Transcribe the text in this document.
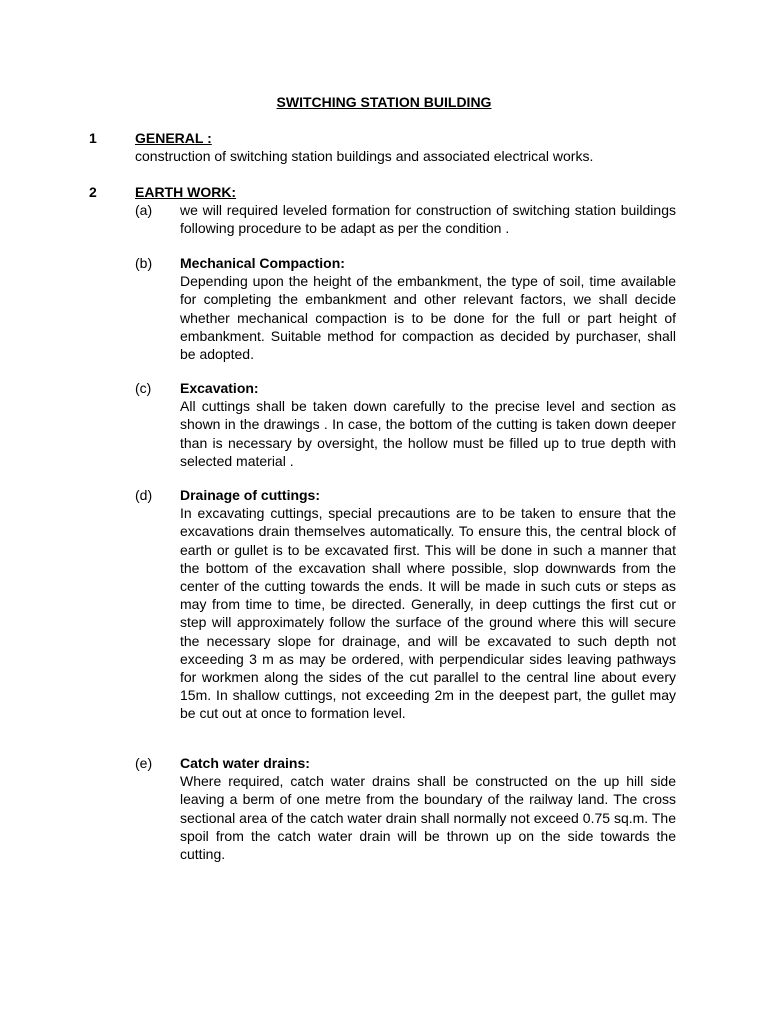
SWITCHING STATION BUILDING
1	GENERAL :
construction of switching station buildings and associated electrical works.
2	EARTH WORK:
(a) we will required leveled formation for construction of switching station buildings following procedure to be adapt as per the condition .
(b) Mechanical Compaction:
Depending upon the height of the embankment, the type of soil, time available for completing the embankment and other relevant factors, we shall decide whether mechanical compaction is to be done for the full or part height of embankment. Suitable method for compaction as decided by purchaser, shall be adopted.
(c) Excavation:
All cuttings shall be taken down carefully to the precise level and section as shown in the drawings . In case, the bottom of the cutting is taken down deeper than is necessary by oversight, the hollow must be filled up to true depth with selected material .
(d) Drainage of cuttings:
In excavating cuttings, special precautions are to be taken to ensure that the excavations drain themselves automatically. To ensure this, the central block of earth or gullet is to be excavated first. This will be done in such a manner that the bottom of the excavation shall where possible, slop downwards from the center of the cutting towards the ends. It will be made in such cuts or steps as may from time to time, be directed. Generally, in deep cuttings the first cut or step will approximately follow the surface of the ground where this will secure the necessary slope for drainage, and will be excavated to such depth not exceeding 3 m as may be ordered, with perpendicular sides leaving pathways for workmen along the sides of the cut parallel to the central line about every 15m. In shallow cuttings, not exceeding 2m in the deepest part, the gullet may be cut out at once to formation level.
(e) Catch water drains:
Where required, catch water drains shall be constructed on the up hill side leaving a berm of one metre from the boundary of the railway land. The cross sectional area of the catch water drain shall normally not exceed 0.75 sq.m. The spoil from the catch water drain will be thrown up on the side towards the cutting.
